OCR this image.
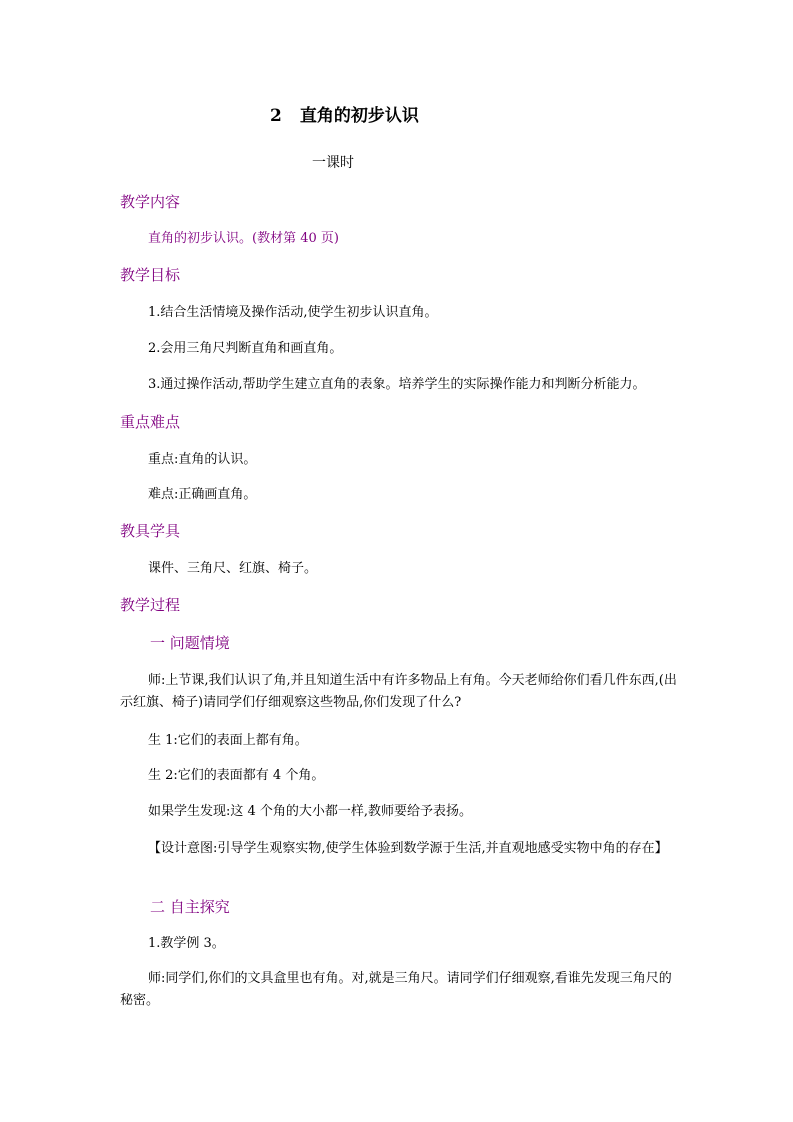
2 直角的初步认识
一课时
教学内容
直角的初步认识。(教材第 40 页)
教学目标
1.结合生活情境及操作活动,使学生初步认识直角。
2.会用三角尺判断直角和画直角。
3.通过操作活动,帮助学生建立直角的表象。培养学生的实际操作能力和判断分析能力。
重点难点
重点:直角的认识。
难点:正确画直角。
教具学具
课件、三角尺、红旗、椅子。
教学过程
一 问题情境
师:上节课,我们认识了角,并且知道生活中有许多物品上有角。今天老师给你们看几件东西,(出示红旗、椅子)请同学们仔细观察这些物品,你们发现了什么?
生 1:它们的表面上都有角。
生 2:它们的表面都有 4 个角。
如果学生发现:这 4 个角的大小都一样,教师要给予表扬。
【设计意图:引导学生观察实物,使学生体验到数学源于生活,并直观地感受实物中角的存在】
二 自主探究
1.教学例 3。
师:同学们,你们的文具盒里也有角。对,就是三角尺。请同学们仔细观察,看谁先发现三角尺的秘密。
